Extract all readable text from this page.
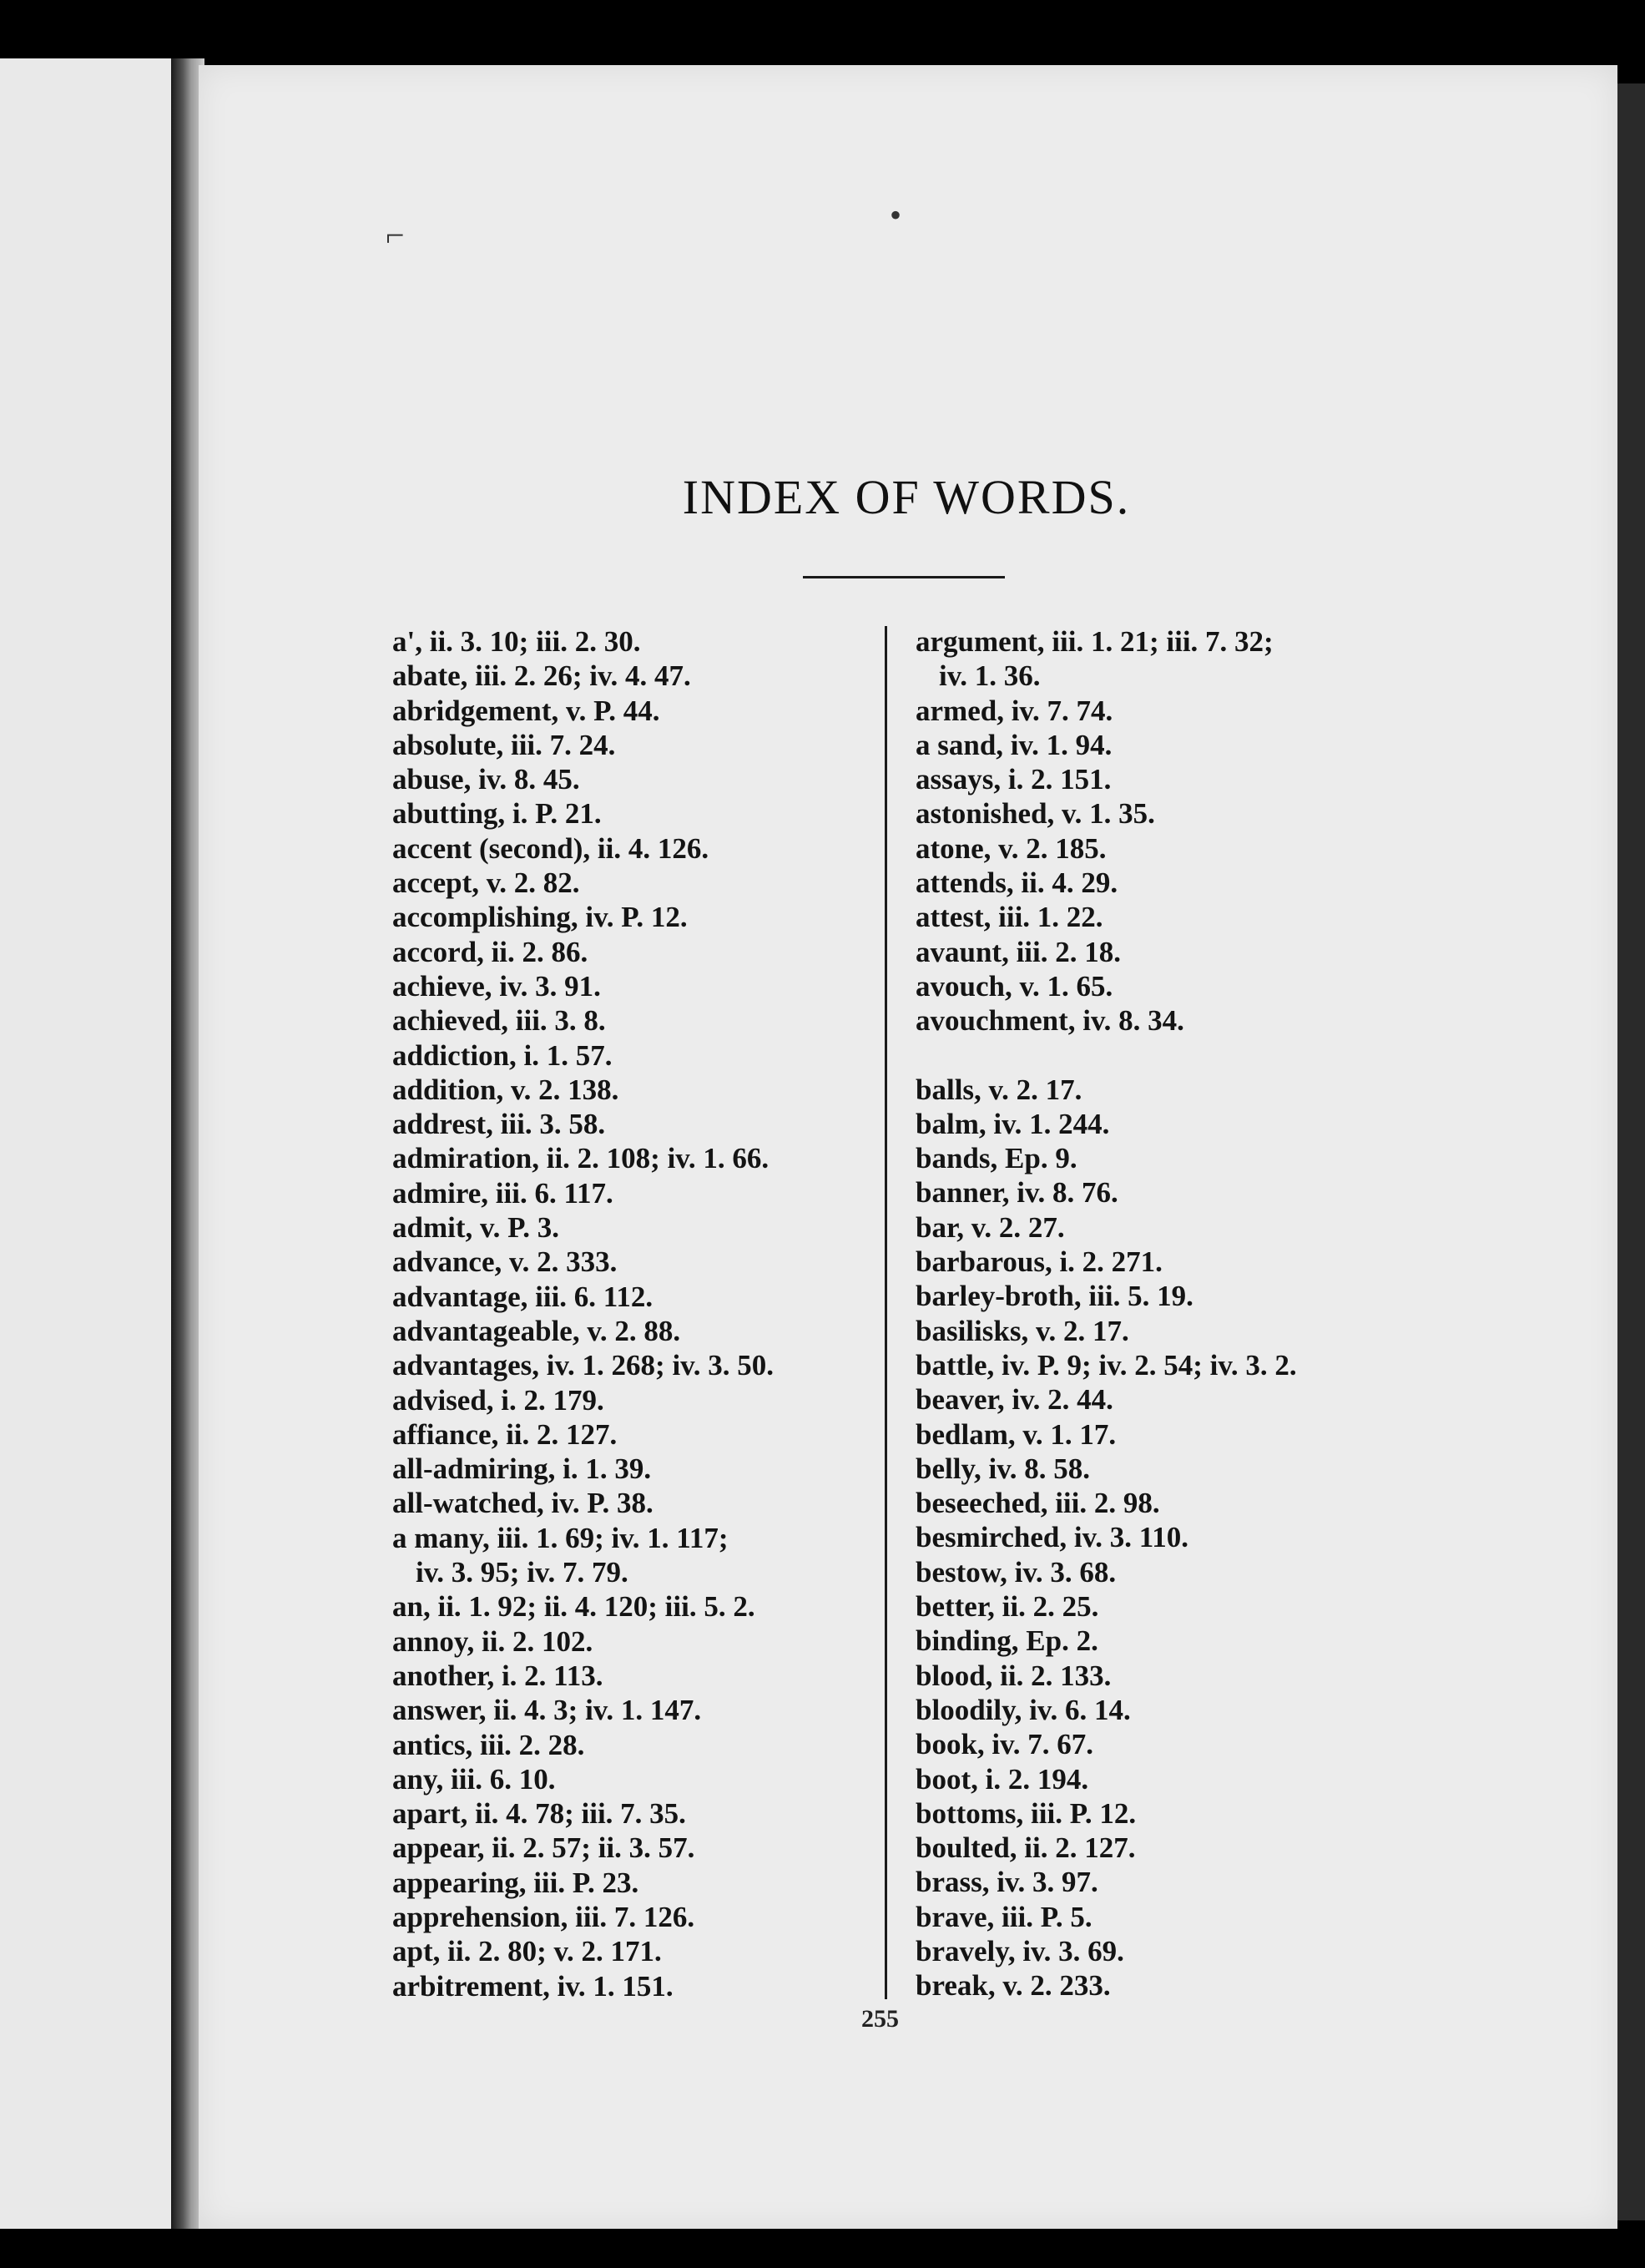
⌐
•
INDEX OF WORDS.
a', ii. 3. 10; iii. 2. 30.
abate, iii. 2. 26; iv. 4. 47.
abridgement, v. P. 44.
absolute, iii. 7. 24.
abuse, iv. 8. 45.
abutting, i. P. 21.
accent (second), ii. 4. 126.
accept, v. 2. 82.
accomplishing, iv. P. 12.
accord, ii. 2. 86.
achieve, iv. 3. 91.
achieved, iii. 3. 8.
addiction, i. 1. 57.
addition, v. 2. 138.
addrest, iii. 3. 58.
admiration, ii. 2. 108; iv. 1. 66.
admire, iii. 6. 117.
admit, v. P. 3.
advance, v. 2. 333.
advantage, iii. 6. 112.
advantageable, v. 2. 88.
advantages, iv. 1. 268; iv. 3. 50.
advised, i. 2. 179.
affiance, ii. 2. 127.
all-admiring, i. 1. 39.
all-watched, iv. P. 38.
a many, iii. 1. 69; iv. 1. 117;
iv. 3. 95; iv. 7. 79.
an, ii. 1. 92; ii. 4. 120; iii. 5. 2.
annoy, ii. 2. 102.
another, i. 2. 113.
answer, ii. 4. 3; iv. 1. 147.
antics, iii. 2. 28.
any, iii. 6. 10.
apart, ii. 4. 78; iii. 7. 35.
appear, ii. 2. 57; ii. 3. 57.
appearing, iii. P. 23.
apprehension, iii. 7. 126.
apt, ii. 2. 80; v. 2. 171.
arbitrement, iv. 1. 151.
argument, iii. 1. 21; iii. 7. 32;
iv. 1. 36.
armed, iv. 7. 74.
a sand, iv. 1. 94.
assays, i. 2. 151.
astonished, v. 1. 35.
atone, v. 2. 185.
attends, ii. 4. 29.
attest, iii. 1. 22.
avaunt, iii. 2. 18.
avouch, v. 1. 65.
avouchment, iv. 8. 34.
balls, v. 2. 17.
balm, iv. 1. 244.
bands, Ep. 9.
banner, iv. 8. 76.
bar, v. 2. 27.
barbarous, i. 2. 271.
barley-broth, iii. 5. 19.
basilisks, v. 2. 17.
battle, iv. P. 9; iv. 2. 54; iv. 3. 2.
beaver, iv. 2. 44.
bedlam, v. 1. 17.
belly, iv. 8. 58.
beseeched, iii. 2. 98.
besmirched, iv. 3. 110.
bestow, iv. 3. 68.
better, ii. 2. 25.
binding, Ep. 2.
blood, ii. 2. 133.
bloodily, iv. 6. 14.
book, iv. 7. 67.
boot, i. 2. 194.
bottoms, iii. P. 12.
boulted, ii. 2. 127.
brass, iv. 3. 97.
brave, iii. P. 5.
bravely, iv. 3. 69.
break, v. 2. 233.
255
